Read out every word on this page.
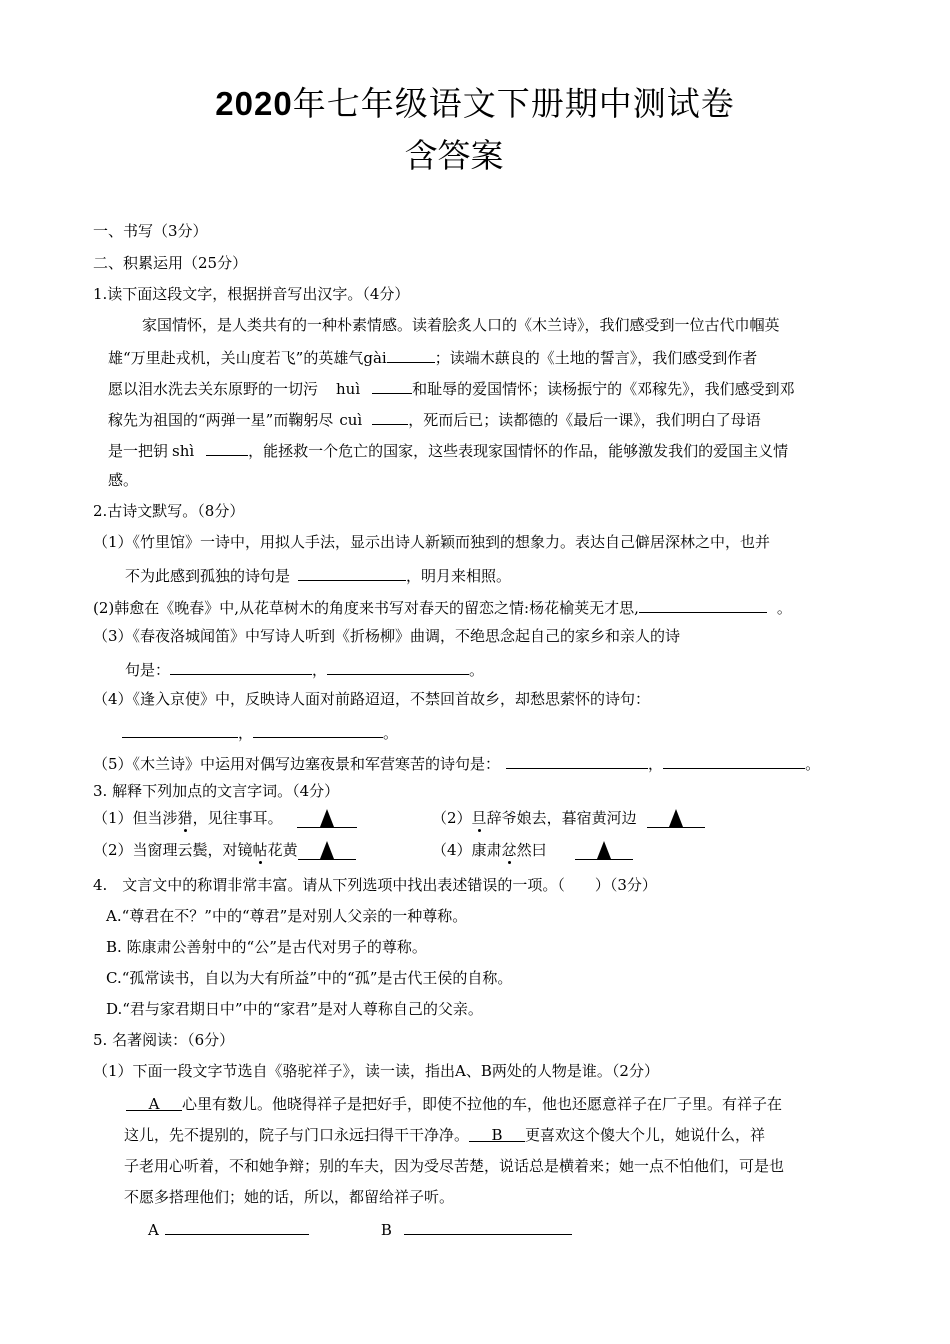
2020年七年级语文下册期中测试卷
含答案
一、书写（3分）
二、积累运用（25分）
1.读下面这段文字，根据拼音写出汉字。（4分）
家国情怀，是人类共有的一种朴素情感。读着脍炙人口的《木兰诗》，我们感受到一位古代巾帼英
雄“万里赴戎机，关山度若飞”的英雄气gài	；读端木蕻良的《土地的誓言》，我们感受到作者
愿以泪水洗去关东原野的一切污 huì	和耻辱的爱国情怀；读杨振宁的《邓稼先》，我们感受到邓
稼先为祖国的“两弹一星”而鞠躬尽 cuì	，死而后已；读都德的《最后一课》，我们明白了母语
是一把钥 shì	，能拯救一个危亡的国家，这些表现家国情怀的作品，能够激发我们的爱国主义情
感。
2.古诗文默写。（8分）
（1）《竹里馆》一诗中，用拟人手法，显示出诗人新颖而独到的想象力。表达自己僻居深林之中，也并
不为此感到孤独的诗句是	，明月来相照。
(2)韩愈在《晚春》中,从花草树木的角度来书写对春天的留恋之情:杨花榆荚无才思,	。
（3）《春夜洛城闻笛》中写诗人听到《折杨柳》曲调，不绝思念起自己的家乡和亲人的诗
句是：	，	。
（4）《逢入京使》中，反映诗人面对前路迢迢，不禁回首故乡，却愁思萦怀的诗句：
，	。
（5）《木兰诗》中运用对偶写边塞夜景和军营寒苦的诗句是：	，	。
3. 解释下列加点的文言字词。（4分）
（1）但当涉猎，见往事耳。	（2）旦辞爷娘去，暮宿黄河边
（2）当窗理云鬓，对镜帖花黄	（4）康肃忿然曰
4.　文言文中的称谓非常丰富。请从下列选项中找出表述错误的一项。（　　）（3分）
A.“尊君在不？”中的“尊君”是对别人父亲的一种尊称。
B. 陈康肃公善射中的“公”是古代对男子的尊称。
C.“孤常读书，自以为大有所益”中的“孤”是古代王侯的自称。
D.“君与家君期日中”中的“家君”是对人尊称自己的父亲。
5. 名著阅读：（6分）
（1）下面一段文字节选自《骆驼祥子》，读一读，指出A、B两处的人物是谁。（2分）
A 心里有数儿。他晓得祥子是把好手，即使不拉他的车，他也还愿意祥子在厂子里。有祥子在
这儿，先不提别的，院子与门口永远扫得干干净净。 B 更喜欢这个傻大个儿，她说什么，祥
子老用心听着，不和她争辩；别的车夫，因为受尽苦楚，说话总是横着来；她一点不怕他们，可是也
不愿多搭理他们；她的话，所以，都留给祥子听。
A	B
